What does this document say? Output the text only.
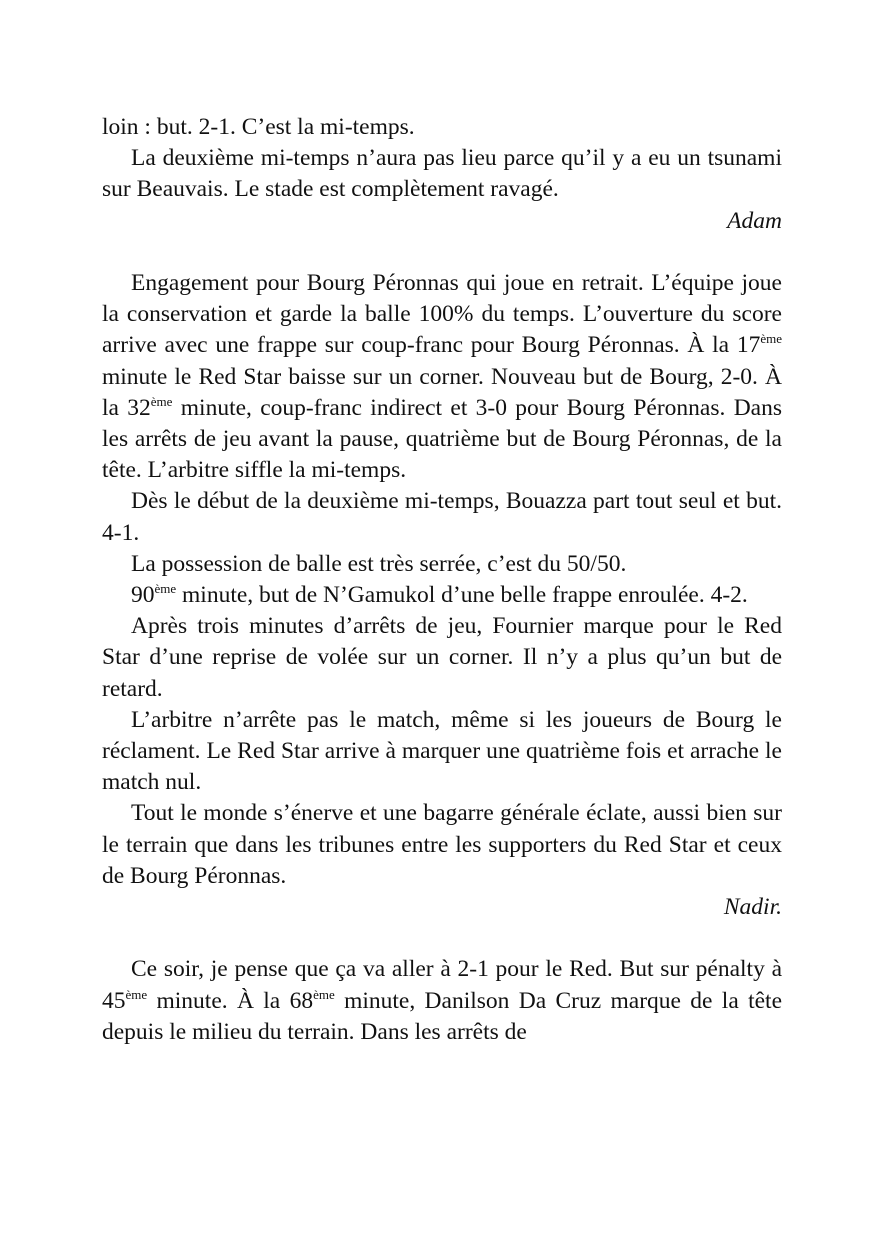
loin : but. 2-1. C’est la mi-temps.

La deuxième mi-temps n’aura pas lieu parce qu’il y a eu un tsunami sur Beauvais. Le stade est complètement ravagé.

Adam

Engagement pour Bourg Péronnas qui joue en retrait. L’équipe joue la conservation et garde la balle 100% du temps. L’ouverture du score arrive avec une frappe sur coup-franc pour Bourg Péronnas. À la 17ème minute le Red Star baisse sur un corner. Nouveau but de Bourg, 2-0. À la 32ème minute, coup-franc indirect et 3-0 pour Bourg Péronnas. Dans les arrêts de jeu avant la pause, quatrième but de Bourg Péronnas, de la tête. L’arbitre siffle la mi-temps.

Dès le début de la deuxième mi-temps, Bouazza part tout seul et but. 4-1.

La possession de balle est très serrée, c’est du 50/50.

90ème minute, but de N’Gamukol d’une belle frappe enroulée. 4-2.

Après trois minutes d’arrêts de jeu, Fournier marque pour le Red Star d’une reprise de volée sur un corner. Il n’y a plus qu’un but de retard.

L’arbitre n’arrête pas le match, même si les joueurs de Bourg le réclament. Le Red Star arrive à marquer une quatrième fois et arrache le match nul.

Tout le monde s’énerve et une bagarre générale éclate, aussi bien sur le terrain que dans les tribunes entre les supporters du Red Star et ceux de Bourg Péronnas.

Nadir.

Ce soir, je pense que ça va aller à 2-1 pour le Red. But sur pénalty à 45ème minute. À la 68ème minute, Danilson Da Cruz marque de la tête depuis le milieu du terrain. Dans les arrêts de
